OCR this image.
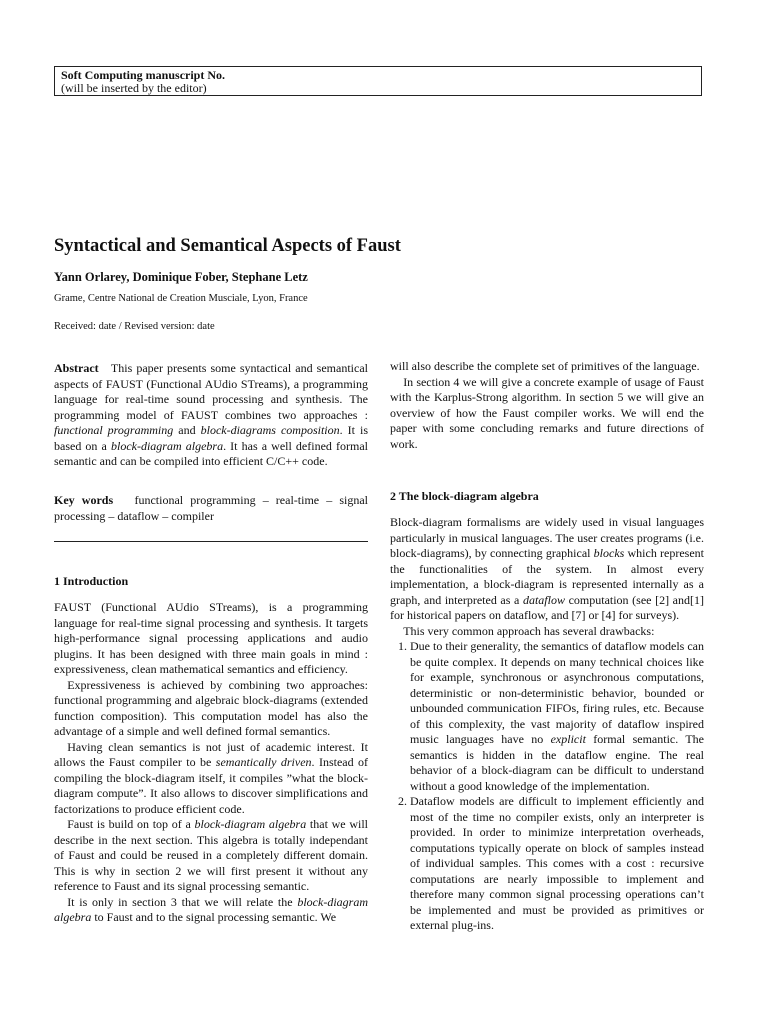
Soft Computing manuscript No.
(will be inserted by the editor)
Syntactical and Semantical Aspects of Faust
Yann Orlarey, Dominique Fober, Stephane Letz
Grame, Centre National de Creation Musciale, Lyon, France
Received: date / Revised version: date

Abstract This paper presents some syntactical and semantical aspects of FAUST (Functional AUdio STreams), a programming language for real-time sound processing and synthesis. The programming model of FAUST combines two approaches : functional programming and block-diagrams composition. It is based on a block-diagram algebra. It has a well defined formal semantic and can be compiled into efficient C/C++ code.

Key words functional programming – real-time – signal processing – dataflow – compiler

1 Introduction

FAUST (Functional AUdio STreams), is a programming language for real-time signal processing and synthesis. It targets high-performance signal processing applications and audio plugins. It has been designed with three main goals in mind : expressiveness, clean mathematical semantics and efficiency.

Expressiveness is achieved by combining two approaches: functional programming and algebraic block-diagrams (extended function composition). This computation model has also the advantage of a simple and well defined formal semantics.

Having clean semantics is not just of academic interest. It allows the Faust compiler to be semantically driven. Instead of compiling the block-diagram itself, it compiles ”what the block-diagram compute”. It also allows to discover simplifications and factorizations to produce efficient code.

Faust is build on top of a block-diagram algebra that we will describe in the next section. This algebra is totally independant of Faust and could be reused in a completely different domain. This is why in section 2 we will first present it without any reference to Faust and its signal processing semantic.

It is only in section 3 that we will relate the block-diagram algebra to Faust and to the signal processing semantic. We

will also describe the complete set of primitives of the language.

In section 4 we will give a concrete example of usage of Faust with the Karplus-Strong algorithm. In section 5 we will give an overview of how the Faust compiler works. We will end the paper with some concluding remarks and future directions of work.

2 The block-diagram algebra

Block-diagram formalisms are widely used in visual languages particularly in musical languages. The user creates programs (i.e. block-diagrams), by connecting graphical blocks which represent the functionalities of the system. In almost every implementation, a block-diagram is represented internally as a graph, and interpreted as a dataflow computation (see [2] and[1] for historical papers on dataflow, and [7] or [4] for surveys).

This very common approach has several drawbacks:

1. Due to their generality, the semantics of dataflow models can be quite complex. It depends on many technical choices like for example, synchronous or asynchronous computations, deterministic or non-deterministic behavior, bounded or unbounded communication FIFOs, firing rules, etc. Because of this complexity, the vast majority of dataflow inspired music languages have no explicit formal semantic. The semantics is hidden in the dataflow engine. The real behavior of a block-diagram can be difficult to understand without a good knowledge of the implementation.
2. Dataflow models are difficult to implement efficiently and most of the time no compiler exists, only an interpreter is provided. In order to minimize interpretation overheads, computations typically operate on block of samples instead of individual samples. This comes with a cost : recursive computations are nearly impossible to implement and therefore many common signal processing operations can’t be implemented and must be provided as primitives or external plug-ins.
